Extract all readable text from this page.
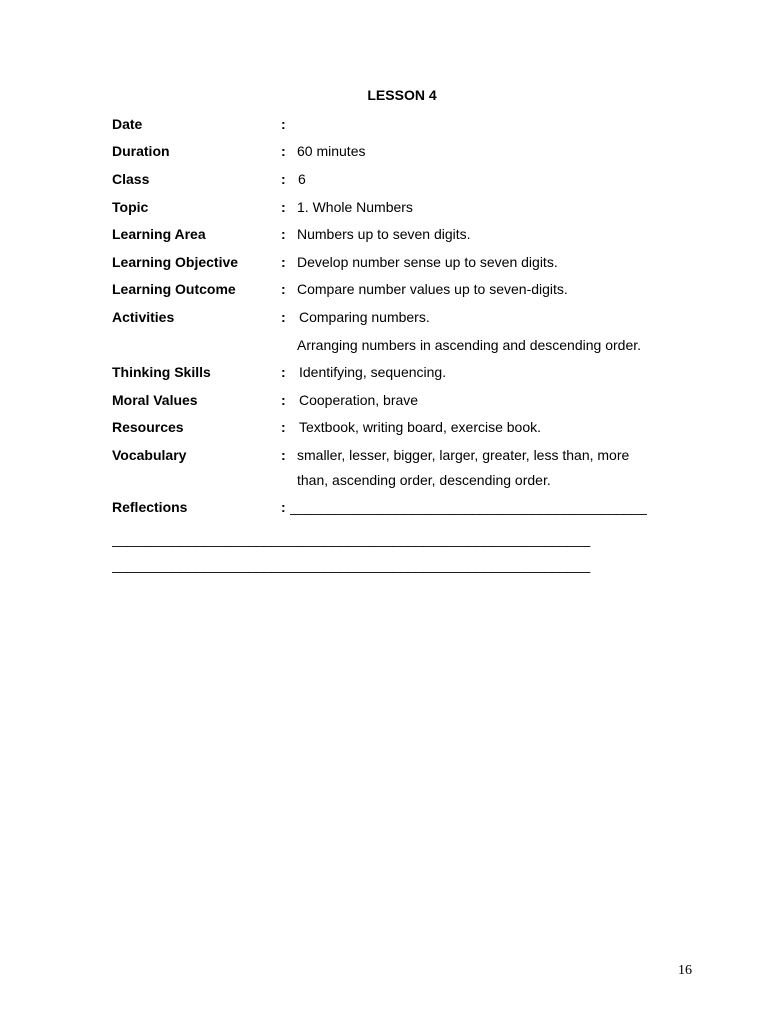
LESSON 4
Date	:
Duration	: 60 minutes
Class	: 6
Topic	: 1. Whole Numbers
Learning Area	: Numbers up to seven digits.
Learning Objective	: Develop number sense up to seven digits.
Learning Outcome	: Compare number values up to seven-digits.
Activities	: Comparing numbers.
Arranging numbers in ascending and descending order.
Thinking Skills	: Identifying, sequencing.
Moral Values	: Cooperation, brave
Resources	: Textbook, writing board, exercise book.
Vocabulary	: smaller, lesser, bigger, larger, greater, less than, more
than, ascending order, descending order.
Reflections	: _______________________________________________
_______________________________________________________________
_______________________________________________________________
16
